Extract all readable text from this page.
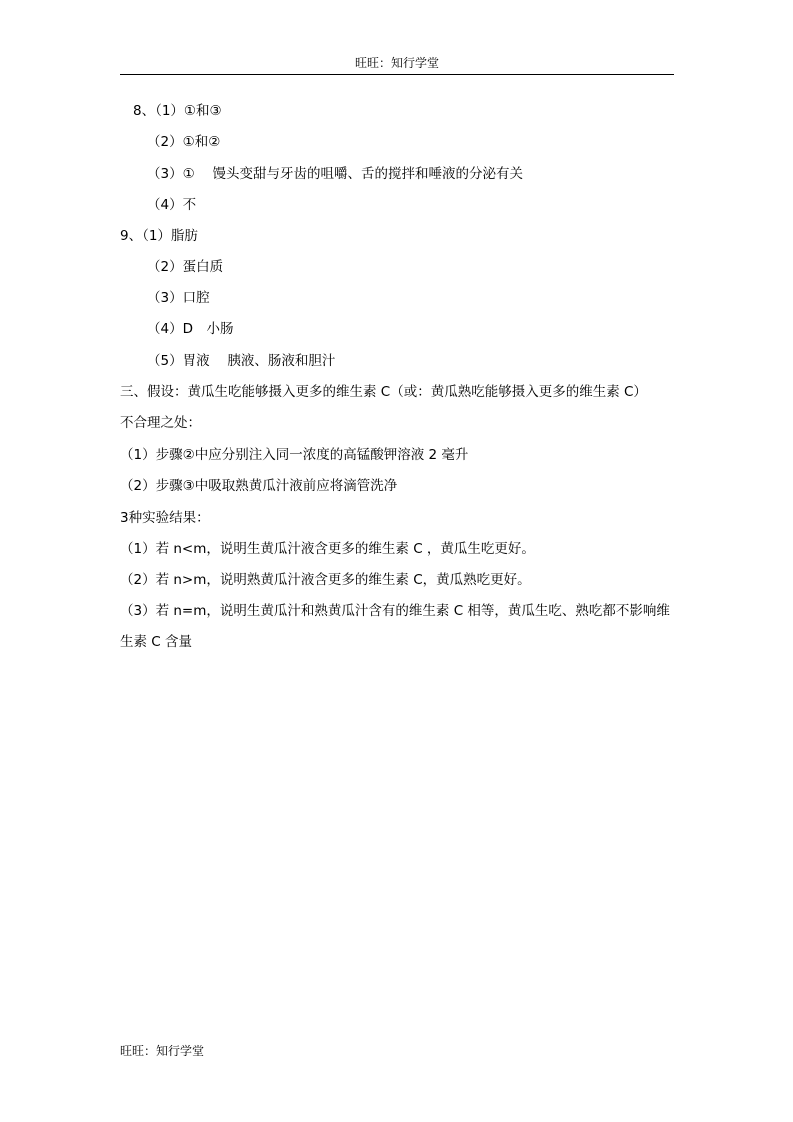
旺旺：知行学堂
8、（1）①和③
（2）①和②
（3）①　 馒头变甜与牙齿的咀嚼、舌的搅拌和唾液的分泌有关
（4）不
9、（1）脂肪
（2）蛋白质
（3）口腔
（4）D　小肠
（5）胃液　 胰液、肠液和胆汁
三、假设：黄瓜生吃能够摄入更多的维生素 C（或：黄瓜熟吃能够摄入更多的维生素 C）
不合理之处：
（1）步骤②中应分别注入同一浓度的高锰酸钾溶液 2 毫升
（2）步骤③中吸取熟黄瓜汁液前应将滴管洗净
3种实验结果：
（1）若 n<m，说明生黄瓜汁液含更多的维生素 C ，黄瓜生吃更好。
（2）若 n>m，说明熟黄瓜汁液含更多的维生素 C，黄瓜熟吃更好。
（3）若 n=m，说明生黄瓜汁和熟黄瓜汁含有的维生素 C 相等，黄瓜生吃、熟吃都不影响维生素 C 含量
旺旺：知行学堂
